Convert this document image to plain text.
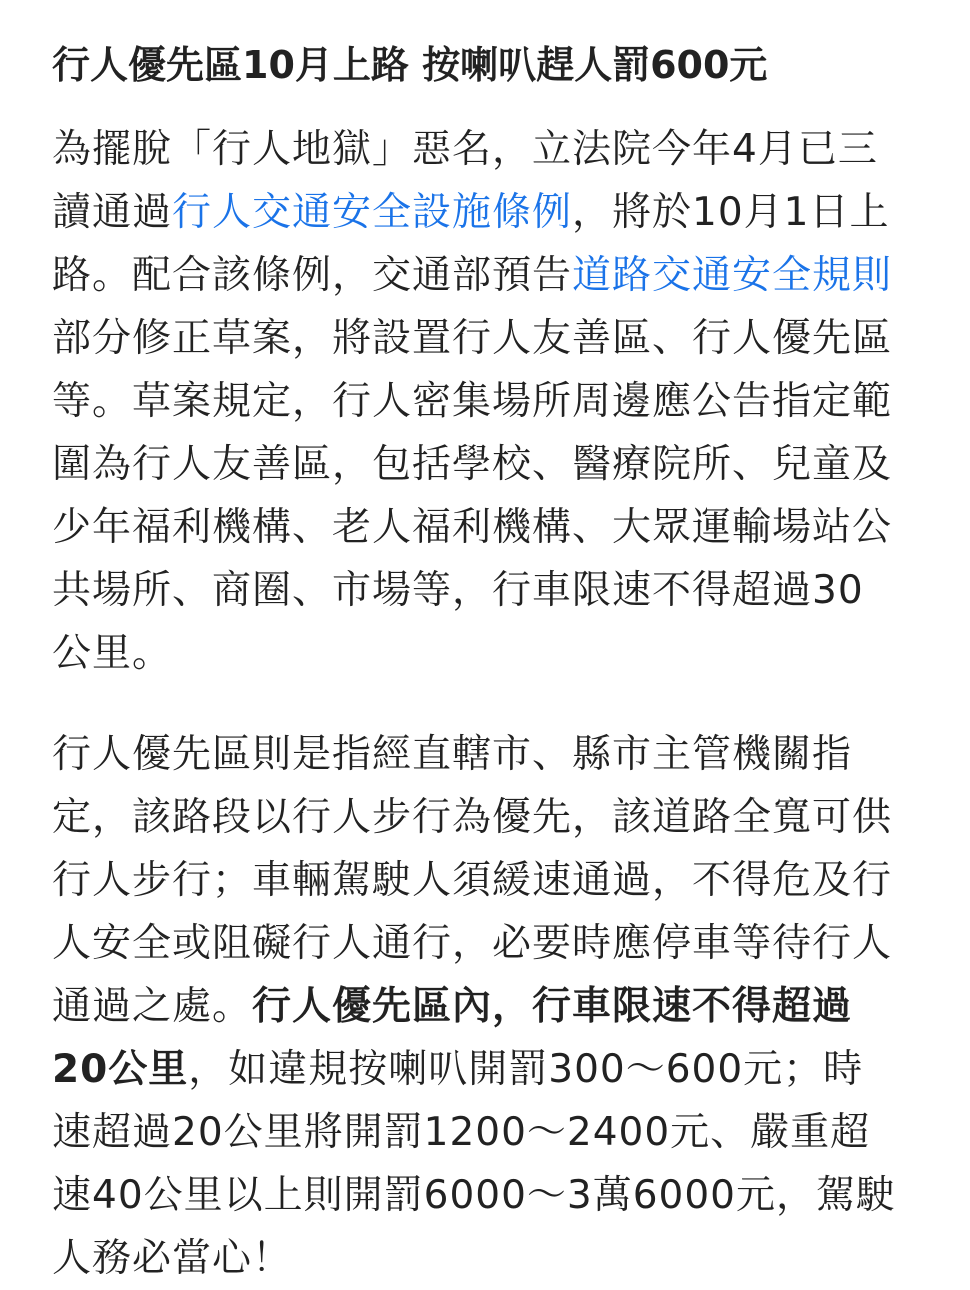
行人優先區10月上路 按喇叭趕人罰600元

為擺脫「行人地獄」惡名，立法院今年4月已三讀通過行人交通安全設施條例，將於10月1日上路。配合該條例，交通部預告道路交通安全規則部分修正草案，將設置行人友善區、行人優先區等。草案規定，行人密集場所周邊應公告指定範圍為行人友善區，包括學校、醫療院所、兒童及少年福利機構、老人福利機構、大眾運輸場站公共場所、商圈、市場等，行車限速不得超過30公里。

行人優先區則是指經直轄市、縣市主管機關指定，該路段以行人步行為優先，該道路全寬可供行人步行；車輛駕駛人須緩速通過，不得危及行人安全或阻礙行人通行，必要時應停車等待行人通過之處。行人優先區內，行車限速不得超過20公里，如違規按喇叭開罰300～600元；時速超過20公里將開罰1200～2400元、嚴重超速40公里以上則開罰6000～3萬6000元，駕駛人務必當心！
